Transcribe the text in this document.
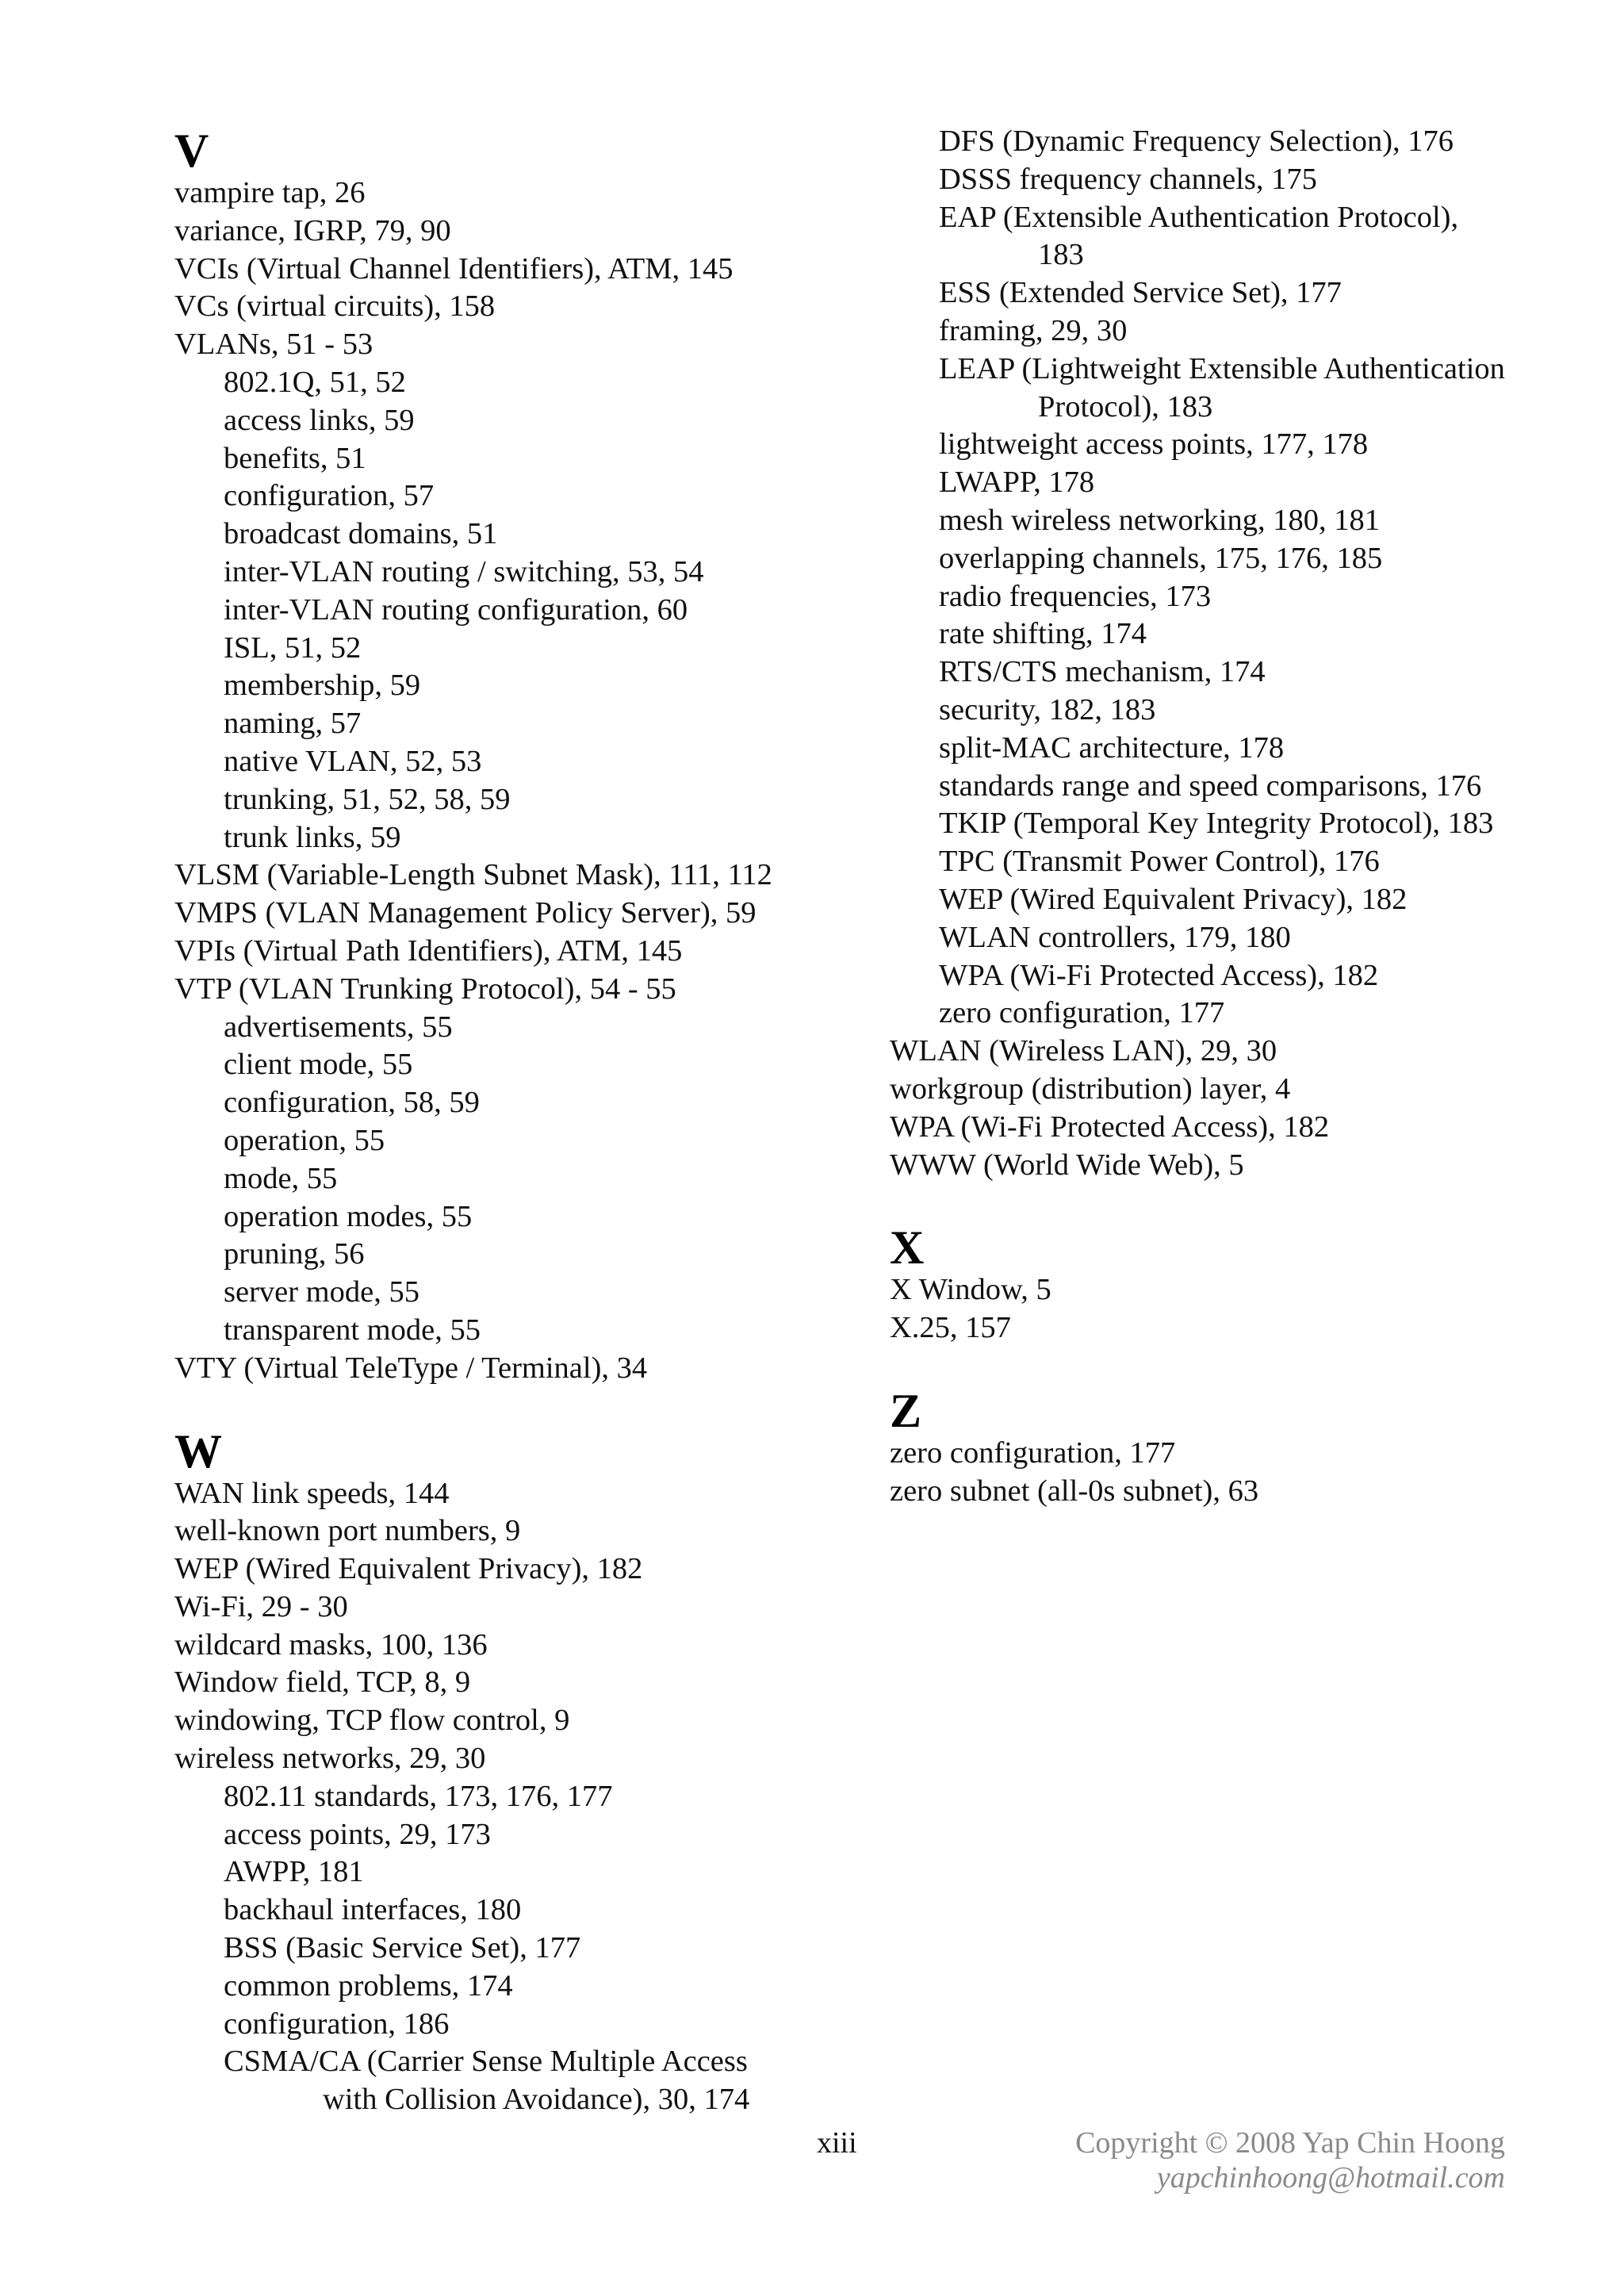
V
vampire tap, 26
variance, IGRP, 79, 90
VCIs (Virtual Channel Identifiers), ATM, 145
VCs (virtual circuits), 158
VLANs, 51 - 53
802.1Q, 51, 52
access links, 59
benefits, 51
configuration, 57
broadcast domains, 51
inter-VLAN routing / switching, 53, 54
inter-VLAN routing configuration, 60
ISL, 51, 52
membership, 59
naming, 57
native VLAN, 52, 53
trunking, 51, 52, 58, 59
trunk links, 59
VLSM (Variable-Length Subnet Mask), 111, 112
VMPS (VLAN Management Policy Server), 59
VPIs (Virtual Path Identifiers), ATM, 145
VTP (VLAN Trunking Protocol), 54 - 55
advertisements, 55
client mode, 55
configuration, 58, 59
operation, 55
mode, 55
operation modes, 55
pruning, 56
server mode, 55
transparent mode, 55
VTY (Virtual TeleType / Terminal), 34
W
WAN link speeds, 144
well-known port numbers, 9
WEP (Wired Equivalent Privacy), 182
Wi-Fi, 29 - 30
wildcard masks, 100, 136
Window field, TCP, 8, 9
windowing, TCP flow control, 9
wireless networks, 29, 30
802.11 standards, 173, 176, 177
access points, 29, 173
AWPP, 181
backhaul interfaces, 180
BSS (Basic Service Set), 177
common problems, 174
configuration, 186
CSMA/CA (Carrier Sense Multiple Access
with Collision Avoidance), 30, 174
DFS (Dynamic Frequency Selection), 176
DSSS frequency channels, 175
EAP (Extensible Authentication Protocol),
183
ESS (Extended Service Set), 177
framing, 29, 30
LEAP (Lightweight Extensible Authentication
Protocol), 183
lightweight access points, 177, 178
LWAPP, 178
mesh wireless networking, 180, 181
overlapping channels, 175, 176, 185
radio frequencies, 173
rate shifting, 174
RTS/CTS mechanism, 174
security, 182, 183
split-MAC architecture, 178
standards range and speed comparisons, 176
TKIP (Temporal Key Integrity Protocol), 183
TPC (Transmit Power Control), 176
WEP (Wired Equivalent Privacy), 182
WLAN controllers, 179, 180
WPA (Wi-Fi Protected Access), 182
zero configuration, 177
WLAN (Wireless LAN), 29, 30
workgroup (distribution) layer, 4
WPA (Wi-Fi Protected Access), 182
WWW (World Wide Web), 5
X
X Window, 5
X.25, 157
Z
zero configuration, 177
zero subnet (all-0s subnet), 63
xiii	Copyright © 2008 Yap Chin Hoong
yapchinhoong@hotmail.com
